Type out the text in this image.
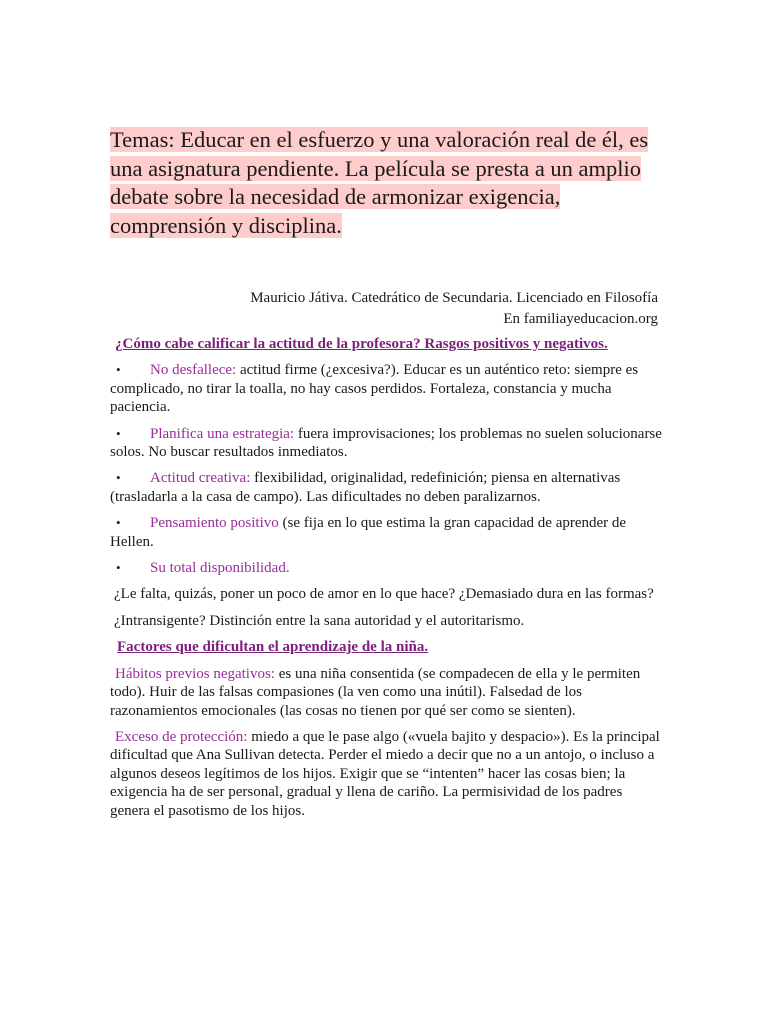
Temas: Educar en el esfuerzo y una valoración real de él, es una asignatura pendiente. La película se presta a un amplio debate sobre la necesidad de armonizar exigencia, comprensión y disciplina.

Mauricio Játiva. Catedrático de Secundaria. Licenciado en Filosofía
En familiayeducacion.org

¿Cómo cabe calificar la actitud de la profesora? Rasgos positivos y negativos.

• No desfallece: actitud firme (¿excesiva?). Educar es un auténtico reto: siempre es complicado, no tirar la toalla, no hay casos perdidos. Fortaleza, constancia y mucha paciencia.

• Planifica una estrategia: fuera improvisaciones; los problemas no suelen solucionarse solos. No buscar resultados inmediatos.

• Actitud creativa: flexibilidad, originalidad, redefinición; piensa en alternativas (trasladarla a la casa de campo). Las dificultades no deben paralizarnos.

• Pensamiento positivo (se fija en lo que estima la gran capacidad de aprender de Hellen.

• Su total disponibilidad.

¿Le falta, quizás, poner un poco de amor en lo que hace? ¿Demasiado dura en las formas?

¿Intransigente? Distinción entre la sana autoridad y el autoritarismo.

Factores que dificultan el aprendizaje de la niña.

Hábitos previos negativos: es una niña consentida (se compadecen de ella y le permiten todo). Huir de las falsas compasiones (la ven como una inútil). Falsedad de los razonamientos emocionales (las cosas no tienen por qué ser como se sienten).

Exceso de protección: miedo a que le pase algo («vuela bajito y despacio»). Es la principal dificultad que Ana Sullivan detecta. Perder el miedo a decir que no a un antojo, o incluso a algunos deseos legítimos de los hijos. Exigir que se “intenten” hacer las cosas bien; la exigencia ha de ser personal, gradual y llena de cariño. La permisividad de los padres genera el pasotismo de los hijos.
